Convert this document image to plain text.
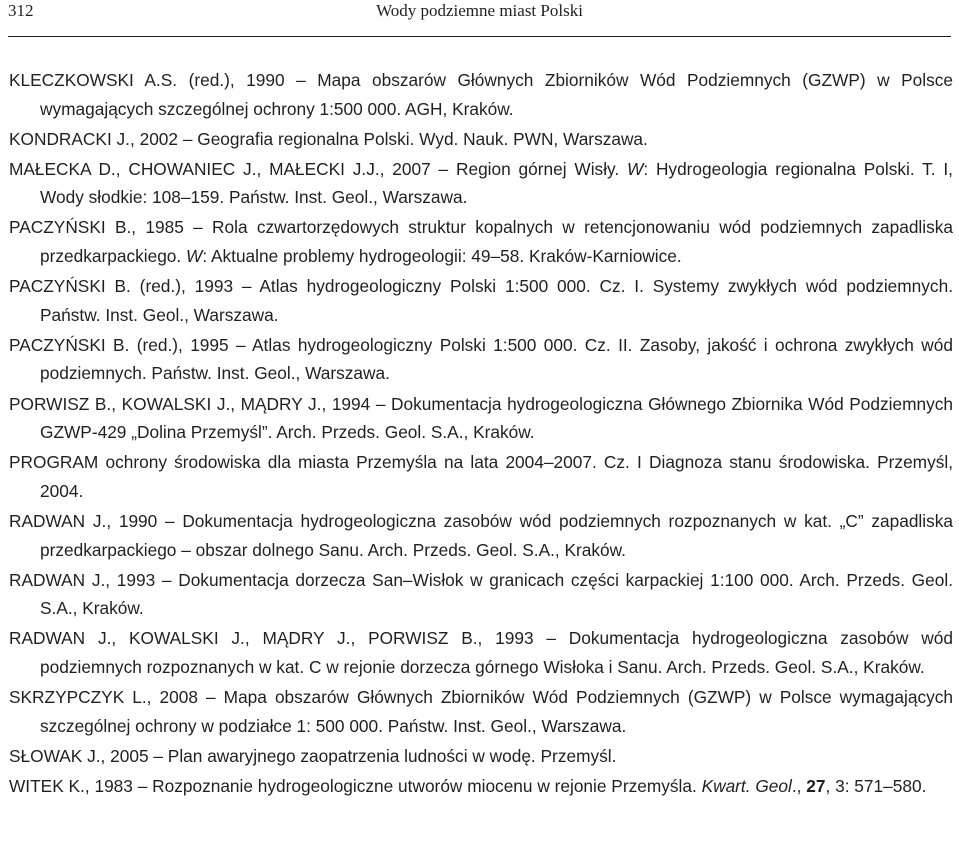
312	Wody podziemne miast Polski
KLECZKOWSKI A.S. (red.), 1990 – Mapa obszarów Głównych Zbiorników Wód Podziemnych (GZWP) w Polsce wymagających szczególnej ochrony 1:500 000. AGH, Kraków.
KONDRACKI J., 2002 – Geografia regionalna Polski. Wyd. Nauk. PWN, Warszawa.
MAŁECKA D., CHOWANIEC J., MAŁECKI J.J., 2007 – Region górnej Wisły. W: Hydrogeologia regionalna Polski. T. I, Wody słodkie: 108–159. Państw. Inst. Geol., Warszawa.
PACZYŃSKI B., 1985 – Rola czwartorzędowych struktur kopalnych w retencjonowaniu wód podziemnych zapadliska przedkarpackiego. W: Aktualne problemy hydrogeologii: 49–58. Kraków-Karniowice.
PACZYŃSKI B. (red.), 1993 – Atlas hydrogeologiczny Polski 1:500 000. Cz. I. Systemy zwykłych wód podziemnych. Państw. Inst. Geol., Warszawa.
PACZYŃSKI B. (red.), 1995 – Atlas hydrogeologiczny Polski 1:500 000. Cz. II. Zasoby, jakość i ochrona zwykłych wód podziemnych. Państw. Inst. Geol., Warszawa.
PORWISZ B., KOWALSKI J., MĄDRY J., 1994 – Dokumentacja hydrogeologiczna Głównego Zbiornika Wód Podziemnych GZWP-429 „Dolina Przemyśl”. Arch. Przeds. Geol. S.A., Kraków.
PROGRAM ochrony środowiska dla miasta Przemyśla na lata 2004–2007. Cz. I Diagnoza stanu środowiska. Przemyśl, 2004.
RADWAN J., 1990 – Dokumentacja hydrogeologiczna zasobów wód podziemnych rozpoznanych w kat. „C” zapadliska przedkarpackiego – obszar dolnego Sanu. Arch. Przeds. Geol. S.A., Kraków.
RADWAN J., 1993 – Dokumentacja dorzecza San–Wisłok w granicach części karpackiej 1:100 000. Arch. Przeds. Geol. S.A., Kraków.
RADWAN J., KOWALSKI J., MĄDRY J., PORWISZ B., 1993 – Dokumentacja hydrogeologiczna zasobów wód podziemnych rozpoznanych w kat. C w rejonie dorzecza górnego Wisłoka i Sanu. Arch. Przeds. Geol. S.A., Kraków.
SKRZYPCZYK L., 2008 – Mapa obszarów Głównych Zbiorników Wód Podziemnych (GZWP) w Polsce wymagających szczególnej ochrony w podziałce 1: 500 000. Państw. Inst. Geol., Warszawa.
SŁOWAK J., 2005 – Plan awaryjnego zaopatrzenia ludności w wodę. Przemyśl.
WITEK K., 1983 – Rozpoznanie hydrogeologiczne utworów miocenu w rejonie Przemyśla. Kwart. Geol., 27, 3: 571–580.
